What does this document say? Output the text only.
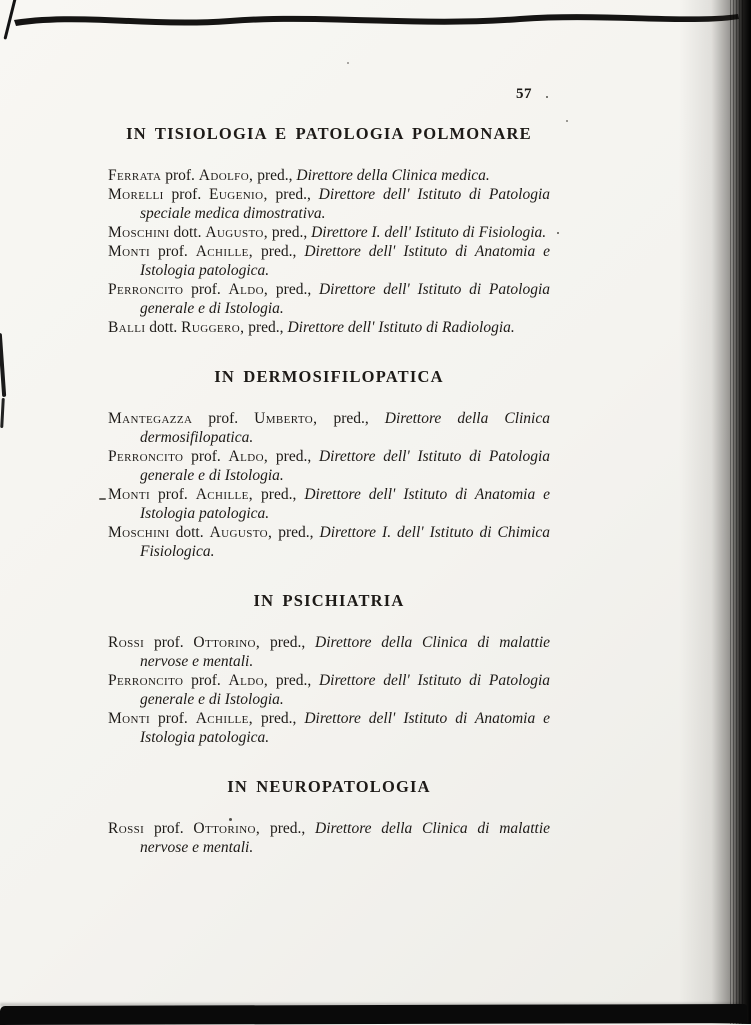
57
IN TISIOLOGIA E PATOLOGIA POLMONARE

Ferrata prof. Adolfo, pred., Direttore della Clinica medica.

Morelli prof. Eugenio, pred., Direttore dell' Istituto di Patologia speciale medica dimostrativa.

Moschini dott. Augusto, pred., Direttore I. dell' Istituto di Fisiologia.

Monti prof. Achille, pred., Direttore dell' Istituto di Anatomia e Istologia patologica.

Perroncito prof. Aldo, pred., Direttore dell' Istituto di Patologia generale e di Istologia.

Balli dott. Ruggero, pred., Direttore dell' Istituto di Radiologia.

IN DERMOSIFILOPATICA

Mantegazza prof. Umberto, pred., Direttore della Clinica dermosifilopatica.

Perroncito prof. Aldo, pred., Direttore dell' Istituto di Patologia generale e di Istologia.

Monti prof. Achille, pred., Direttore dell' Istituto di Anatomia e Istologia patologica.

Moschini dott. Augusto, pred., Direttore I. dell' Istituto di Chimica Fisiologica.

IN PSICHIATRIA

Rossi prof. Ottorino, pred., Direttore della Clinica di malattie nervose e mentali.

Perroncito prof. Aldo, pred., Direttore dell' Istituto di Patologia generale e di Istologia.

Monti prof. Achille, pred., Direttore dell' Istituto di Anatomia e Istologia patologica.

IN NEUROPATOLOGIA

Rossi prof. Ottorino, pred., Direttore della Clinica di malattie nervose e mentali.
